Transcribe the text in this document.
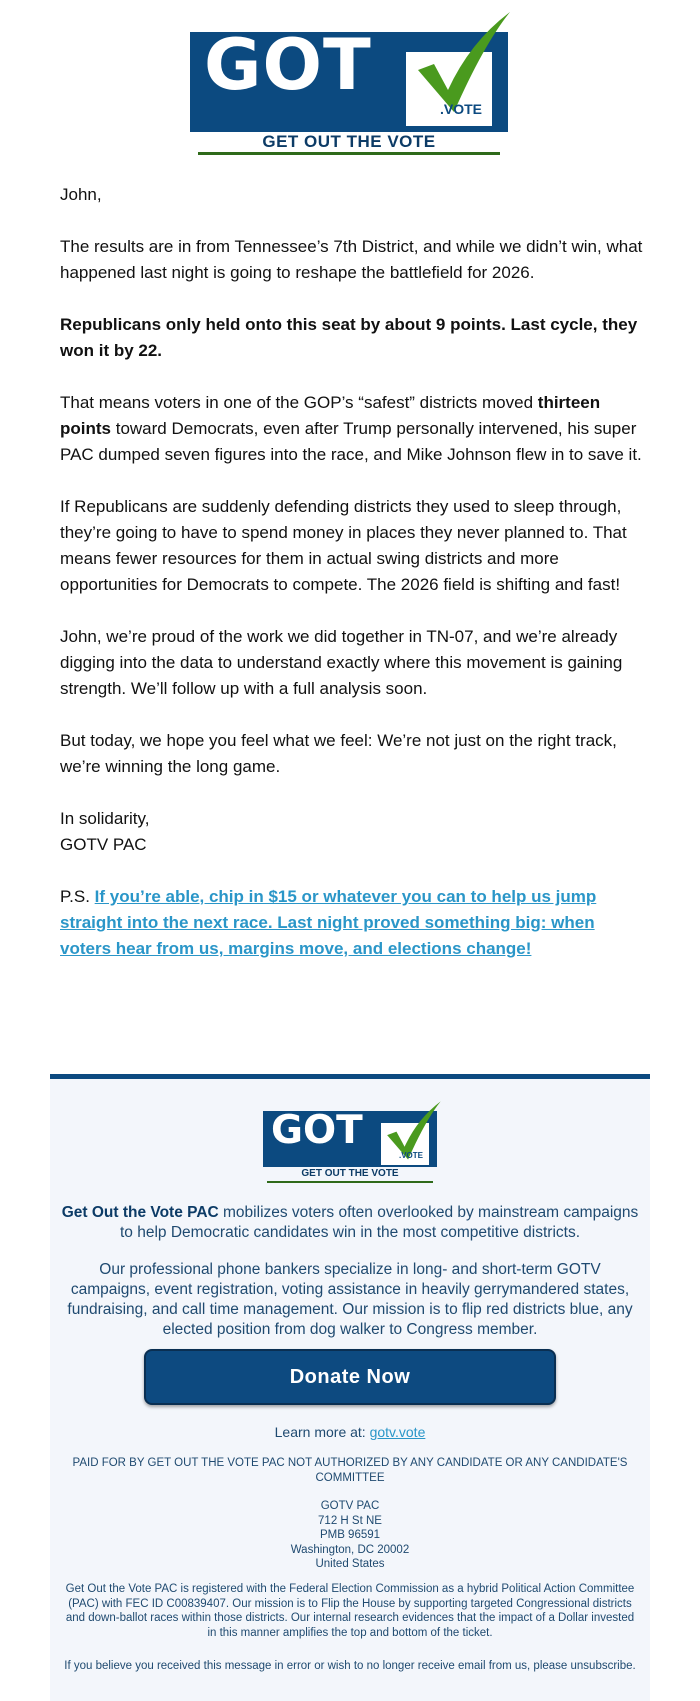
GOT
.VOTE
GET OUT THE VOTE

John,

The results are in from Tennessee’s 7th District, and while we didn’t win, what happened last night is going to reshape the battlefield for 2026.

Republicans only held onto this seat by about 9 points. Last cycle, they won it by 22.

That means voters in one of the GOP’s “safest” districts moved thirteen points toward Democrats, even after Trump personally intervened, his super PAC dumped seven figures into the race, and Mike Johnson flew in to save it.

If Republicans are suddenly defending districts they used to sleep through, they’re going to have to spend money in places they never planned to. That means fewer resources for them in actual swing districts and more opportunities for Democrats to compete. The 2026 field is shifting and fast!

John, we’re proud of the work we did together in TN-07, and we’re already digging into the data to understand exactly where this movement is gaining strength. We’ll follow up with a full analysis soon.

But today, we hope you feel what we feel: We’re not just on the right track, we’re winning the long game.

In solidarity,
GOTV PAC

P.S. If you’re able, chip in $15 or whatever you can to help us jump straight into the next race. Last night proved something big: when voters hear from us, margins move, and elections change!

GOT
.VOTE
GET OUT THE VOTE
Get Out the Vote PAC mobilizes voters often overlooked by mainstream campaigns to help Democratic candidates win in the most competitive districts.
Our professional phone bankers specialize in long- and short-term GOTV campaigns, event registration, voting assistance in heavily gerrymandered states, fundraising, and call time management. Our mission is to flip red districts blue, any elected position from dog walker to Congress member.
Donate Now
Learn more at: gotv.vote
PAID FOR BY GET OUT THE VOTE PAC NOT AUTHORIZED BY ANY CANDIDATE OR ANY CANDIDATE'S COMMITTEE
GOTV PAC
712 H St NE
PMB 96591
Washington, DC 20002
United States
Get Out the Vote PAC is registered with the Federal Election Commission as a hybrid Political Action Committee (PAC) with FEC ID C00839407. Our mission is to Flip the House by supporting targeted Congressional districts and down-ballot races within those districts. Our internal research evidences that the impact of a Dollar invested in this manner amplifies the top and bottom of the ticket.
If you believe you received this message in error or wish to no longer receive email from us, please unsubscribe.
